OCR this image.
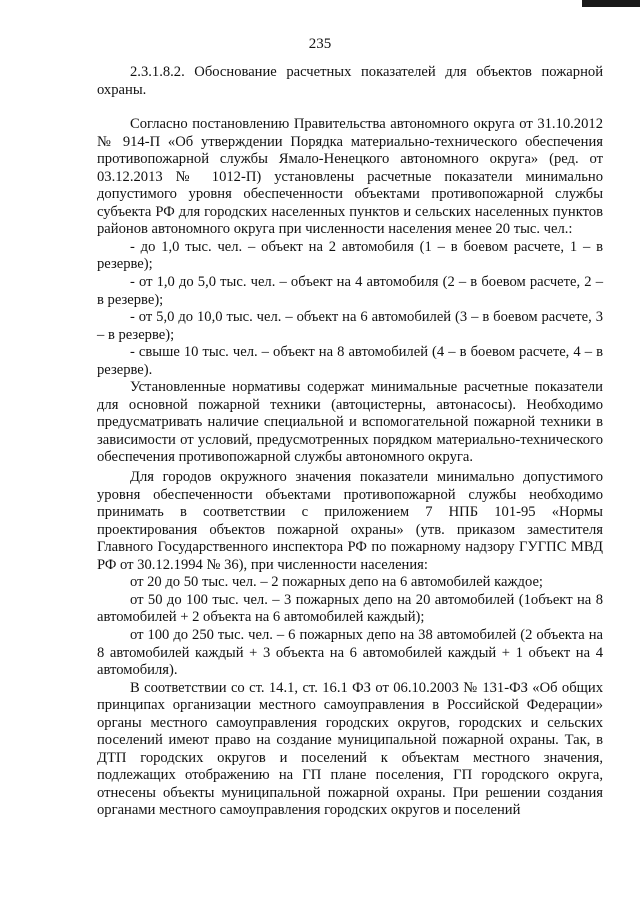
235

2.3.1.8.2. Обоснование расчетных показателей для объектов пожарной охраны.

Согласно постановлению Правительства автономного округа от 31.10.2012 № 914-П «Об утверждении Порядка материально-технического обеспечения противопожарной службы Ямало-Ненецкого автономного округа» (ред. от 03.12.2013 № 1012-П) установлены расчетные показатели минимально допустимого уровня обеспеченности объектами противопожарной службы субъекта РФ для городских населенных пунктов и сельских населенных пунктов районов автономного округа при численности населения менее 20 тыс. чел.:

- до 1,0 тыс. чел. – объект на 2 автомобиля (1 – в боевом расчете, 1 – в резерве);

- от 1,0 до 5,0 тыс. чел. – объект на 4 автомобиля (2 – в боевом расчете, 2 – в резерве);

- от 5,0 до 10,0 тыс. чел. – объект на 6 автомобилей (3 – в боевом расчете, 3 – в резерве);

- свыше 10 тыс. чел. – объект на 8 автомобилей (4 – в боевом расчете, 4 – в резерве).

Установленные нормативы содержат минимальные расчетные показатели для основной пожарной техники (автоцистерны, автонасосы). Необходимо предусматривать наличие специальной и вспомогательной пожарной техники в зависимости от условий, предусмотренных порядком материально-технического обеспечения противопожарной службы автономного округа.

Для городов окружного значения показатели минимально допустимого уровня обеспеченности объектами противопожарной службы необходимо принимать в соответствии с приложением 7 НПБ 101-95 «Нормы проектирования объектов пожарной охраны» (утв. приказом заместителя Главного Государственного инспектора РФ по пожарному надзору ГУГПС МВД РФ от 30.12.1994 № 36), при численности населения:

от 20 до 50 тыс. чел. – 2 пожарных депо на 6 автомобилей каждое;

от 50 до 100 тыс. чел. – 3 пожарных депо на 20 автомобилей (1объект на 8 автомобилей + 2 объекта на 6 автомобилей каждый);

от 100 до 250 тыс. чел. – 6 пожарных депо на 38 автомобилей (2 объекта на 8 автомобилей каждый + 3 объекта на 6 автомобилей каждый + 1 объект на 4 автомобиля).

В соответствии со ст. 14.1, ст. 16.1 ФЗ от 06.10.2003 № 131-ФЗ «Об общих принципах организации местного самоуправления в Российской Федерации» органы местного самоуправления городских округов, городских и сельских поселений имеют право на создание муниципальной пожарной охраны. Так, в ДТП городских округов и поселений к объектам местного значения, подлежащих отображению на ГП плане поселения, ГП городского округа, отнесены объекты муниципальной пожарной охраны. При решении создания органами местного самоуправления городских округов и поселений
